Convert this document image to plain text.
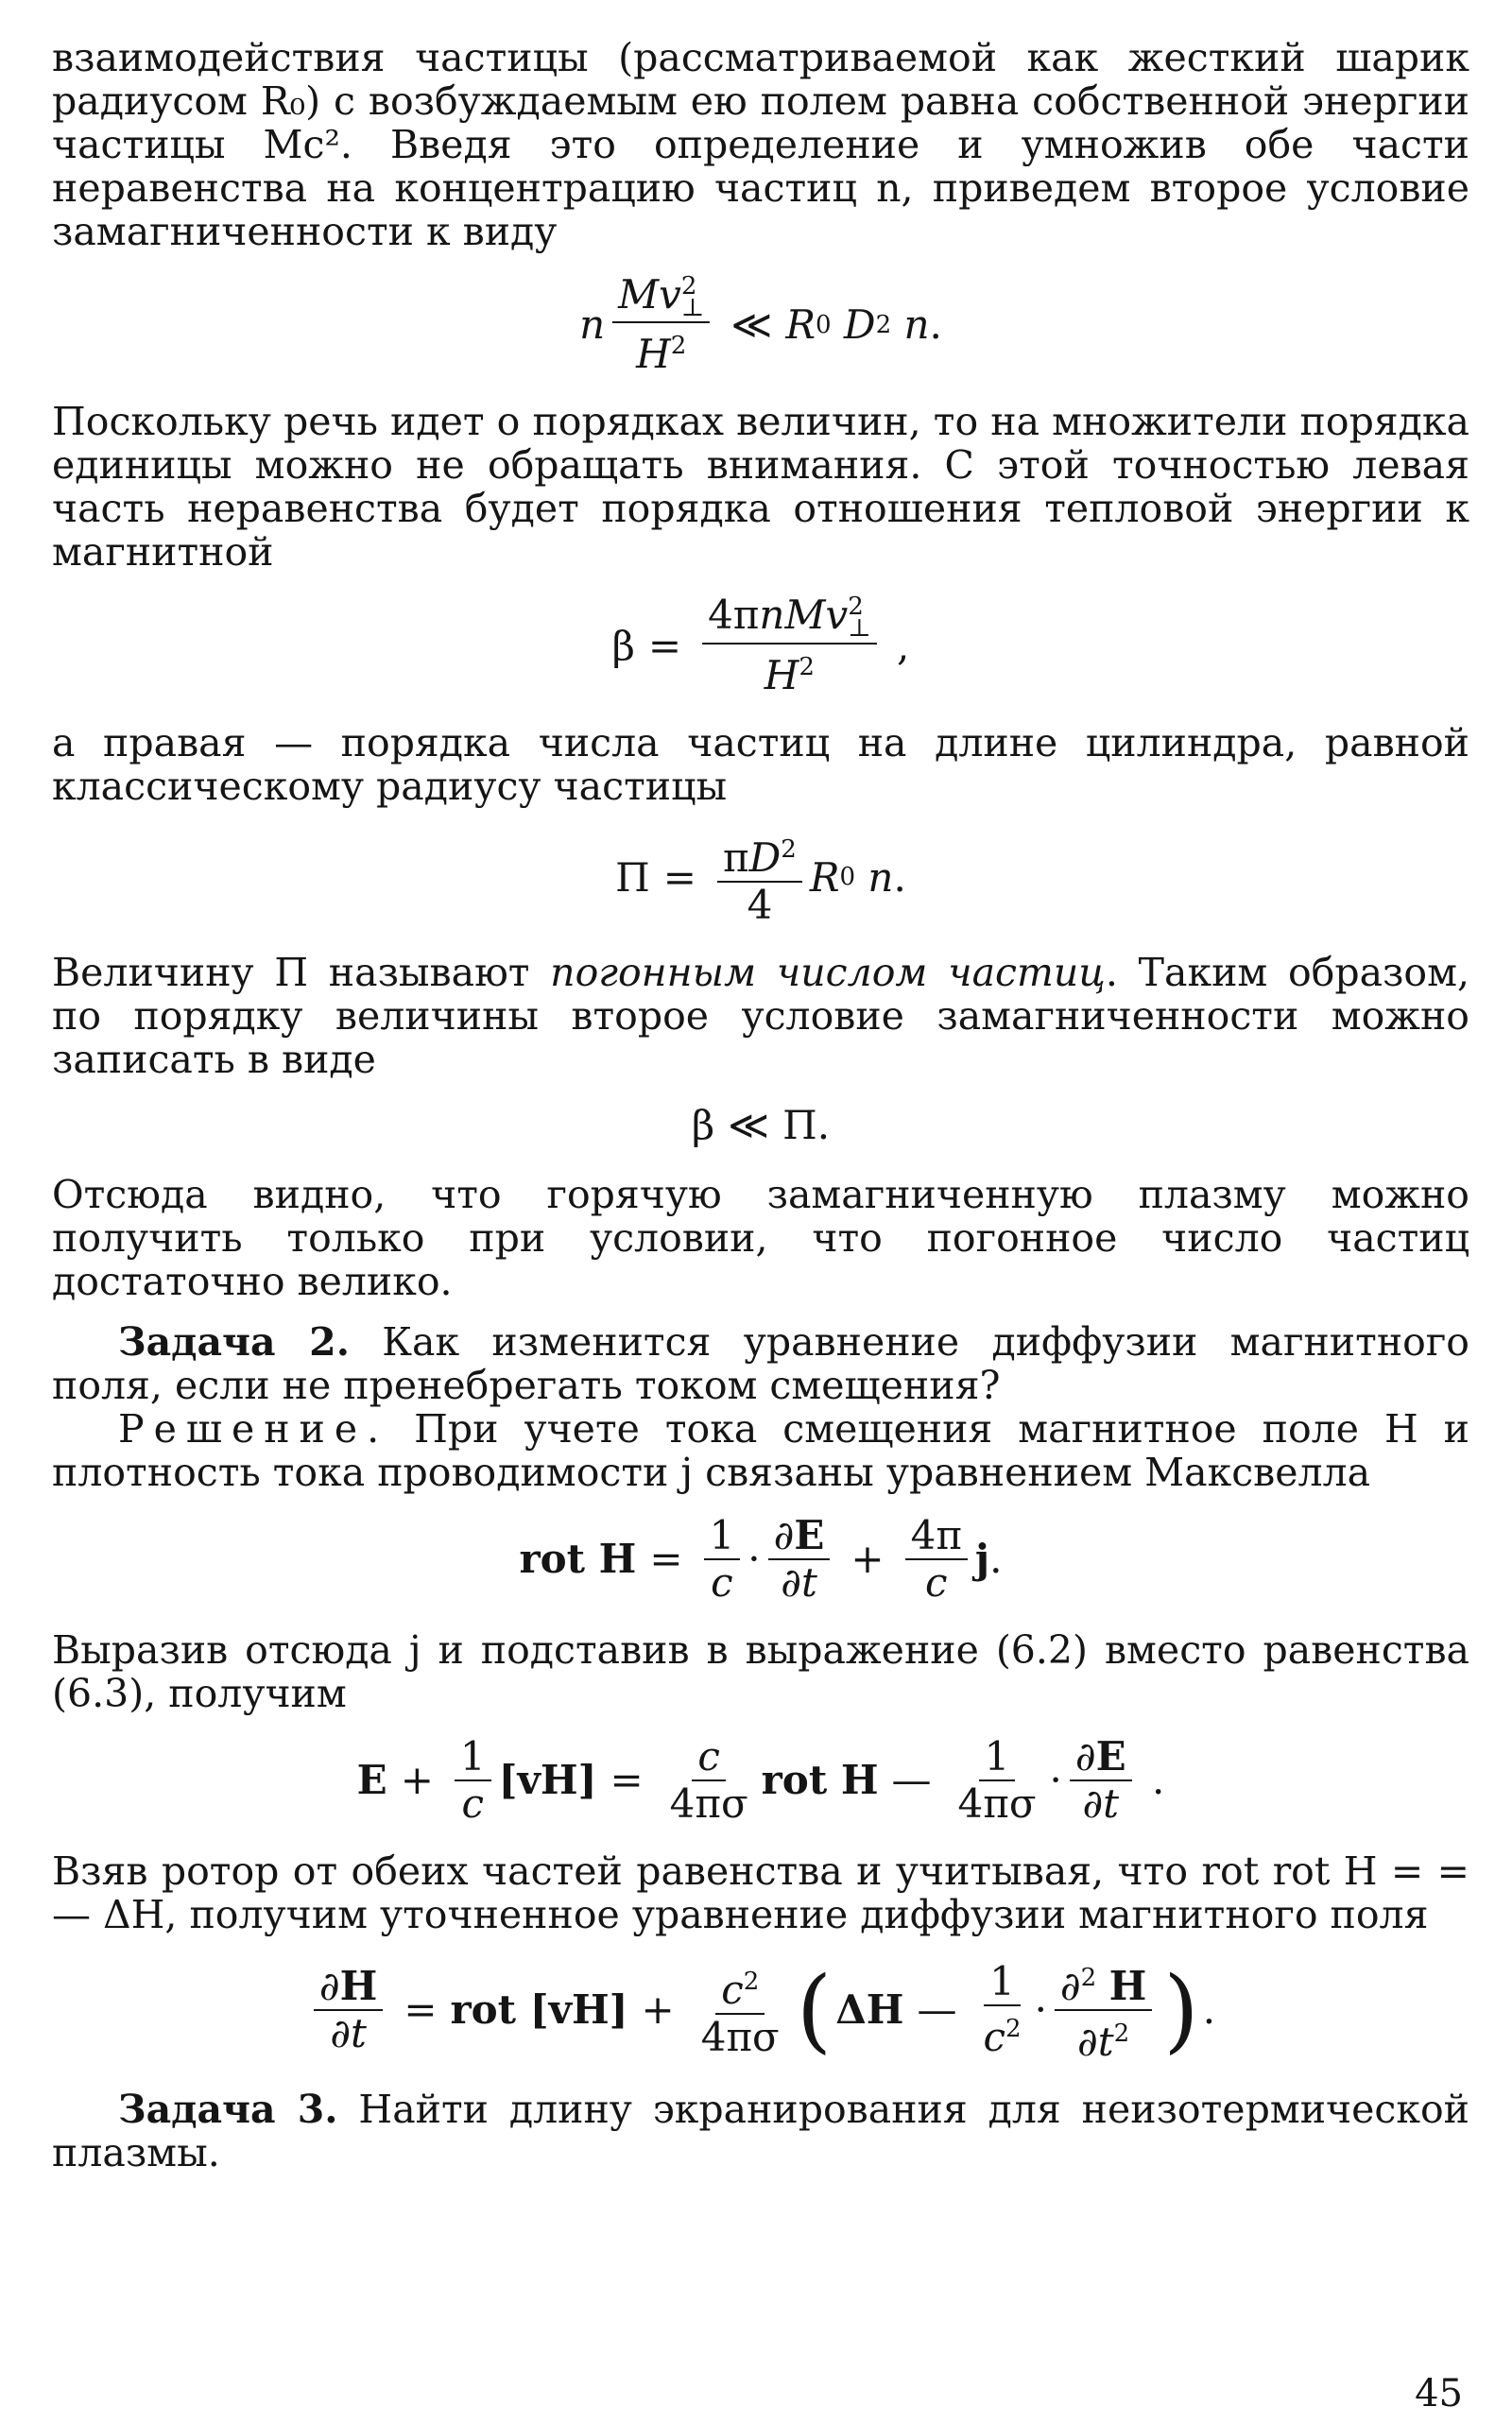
взаимодействия частицы (рассматриваемой как жесткий шарик радиусом R₀) с возбуждаемым ею полем равна собственной энергии частицы Mc². Введя это определение и умножив обе части неравенства на концентрацию частиц n, приведем второе условие замагниченности к виду

n Mv 2
⊥
$H^2$ ≪ R 0
D 2
n .

Поскольку речь идет о порядках величин, то на множители порядка единицы можно не обращать внимания. С этой точностью левая часть неравенства будет порядка отношения тепловой энергии к магнитной

β = 4πnMv 2
⊥
$H^2$ ,

а правая — порядка числа частиц на длине цилиндра, равной классическому радиусу частицы

$П = \frac{\pi D^2}{4}$ R 0
n .

Величину П называют погонным числом частиц. Таким образом, по порядку величины второе условие замагниченности можно записать в виде

β ≪ П.

Отсюда видно, что горячую замагниченную плазму можно получить только при условии, что погонное число частиц достаточно велико.

Задача 2. Как изменится уравнение диффузии магнитного поля, если не пренебрегать током смещения?

Решение. При учете тока смещения магнитное поле H и плотность тока проводимости j связаны уравнением Максвелла

rot $H = \frac{1}{c} \cdot \frac{\partial E}{\partial t} + \frac{4\pi}{c}$ j .

Выразив отсюда j и подставив в выражение (6.2) вместо равенства (6.3), получим

$E + \frac{1}{c} [vH] = \frac{c}{4\pi\sigma}$ rot H — $\frac{1}{4\pi\sigma} \cdot \frac{\partial E}{\partial t}$ .

Взяв ротор от обеих частей равенства и учитывая, что rot rot H = = — ΔH, получим уточненное уравнение диффузии магнитного поля

$\frac{\partial H}{\partial t}$ = rot $[vH] + \frac{c^2}{4\pi\sigma}$ ( ΔH — $\frac{1}{c^2} \cdot \frac{\partial^2 H}{\partial t^2}$ ) .

Задача 3. Найти длину экранирования для неизотермической плазмы.

45
